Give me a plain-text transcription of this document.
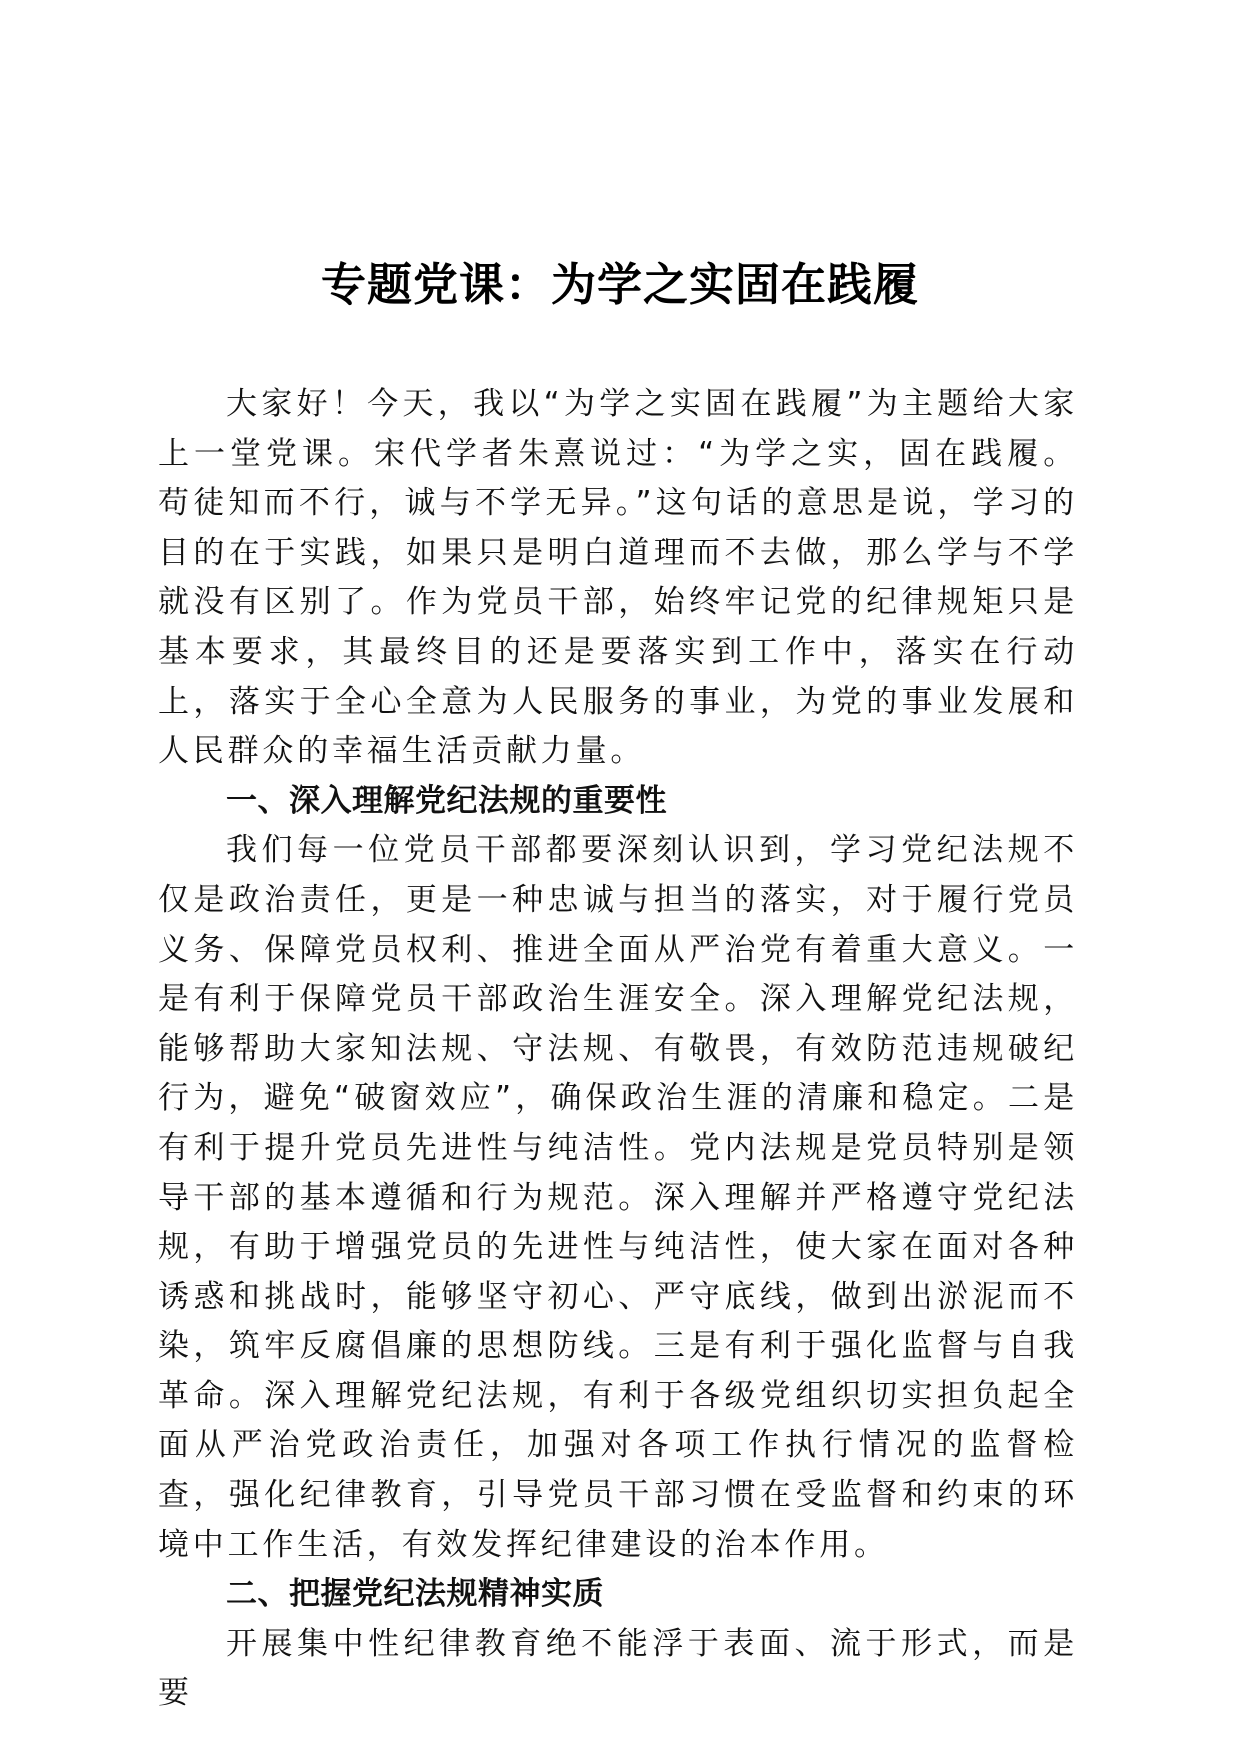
专题党课：为学之实固在践履

大家好！今天，我以“为学之实固在践履”为主题给大家上一堂党课。宋代学者朱熹说过：“为学之实，固在践履。苟徒知而不行，诚与不学无异。”这句话的意思是说，学习的目的在于实践，如果只是明白道理而不去做，那么学与不学就没有区别了。作为党员干部，始终牢记党的纪律规矩只是基本要求，其最终目的还是要落实到工作中，落实在行动上，落实于全心全意为人民服务的事业，为党的事业发展和人民群众的幸福生活贡献力量。

一、深入理解党纪法规的重要性

我们每一位党员干部都要深刻认识到，学习党纪法规不仅是政治责任，更是一种忠诚与担当的落实，对于履行党员义务、保障党员权利、推进全面从严治党有着重大意义。一是有利于保障党员干部政治生涯安全。深入理解党纪法规，能够帮助大家知法规、守法规、有敬畏，有效防范违规破纪行为，避免“破窗效应”，确保政治生涯的清廉和稳定。二是有利于提升党员先进性与纯洁性。党内法规是党员特别是领导干部的基本遵循和行为规范。深入理解并严格遵守党纪法规，有助于增强党员的先进性与纯洁性，使大家在面对各种诱惑和挑战时，能够坚守初心、严守底线，做到出淤泥而不染，筑牢反腐倡廉的思想防线。三是有利于强化监督与自我革命。深入理解党纪法规，有利于各级党组织切实担负起全面从严治党政治责任，加强对各项工作执行情况的监督检查，强化纪律教育，引导党员干部习惯在受监督和约束的环境中工作生活，有效发挥纪律建设的治本作用。

二、把握党纪法规精神实质

开展集中性纪律教育绝不能浮于表面、流于形式，而是要
